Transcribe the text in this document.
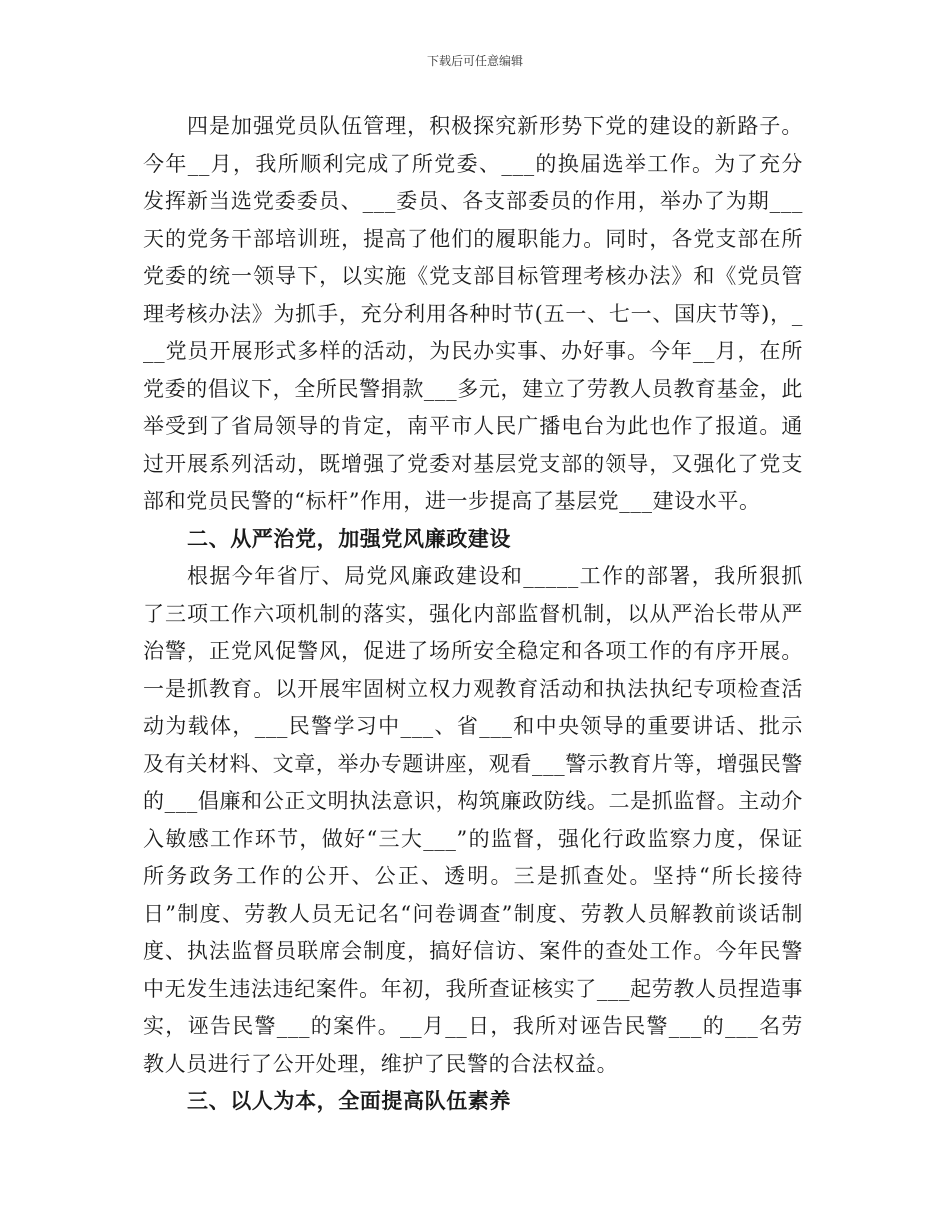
下载后可任意编辑

四是加强党员队伍管理，积极探究新形势下党的建设的新路子。今年__月，我所顺利完成了所党委、___的换届选举工作。为了充分发挥新当选党委委员、___委员、各支部委员的作用，举办了为期___天的党务干部培训班，提高了他们的履职能力。同时，各党支部在所党委的统一领导下，以实施《党支部目标管理考核办法》和《党员管理考核办法》为抓手，充分利用各种时节(五一、七一、国庆节等)，___党员开展形式多样的活动，为民办实事、办好事。今年__月，在所党委的倡议下，全所民警捐款___多元，建立了劳教人员教育基金，此举受到了省局领导的肯定，南平市人民广播电台为此也作了报道。通过开展系列活动，既增强了党委对基层党支部的领导，又强化了党支部和党员民警的“标杆”作用，进一步提高了基层党___建设水平。

二、从严治党，加强党风廉政建设

根据今年省厅、局党风廉政建设和_____工作的部署，我所狠抓了三项工作六项机制的落实，强化内部监督机制，以从严治长带从严治警，正党风促警风，促进了场所安全稳定和各项工作的有序开展。一是抓教育。以开展牢固树立权力观教育活动和执法执纪专项检查活动为载体，___民警学习中___、省___和中央领导的重要讲话、批示及有关材料、文章，举办专题讲座，观看___警示教育片等，增强民警的___倡廉和公正文明执法意识，构筑廉政防线。二是抓监督。主动介入敏感工作环节，做好“三大___”的监督，强化行政监察力度，保证所务政务工作的公开、公正、透明。三是抓查处。坚持“所长接待日”制度、劳教人员无记名“问卷调查”制度、劳教人员解教前谈话制度、执法监督员联席会制度，搞好信访、案件的查处工作。今年民警中无发生违法违纪案件。年初，我所查证核实了___起劳教人员捏造事实，诬告民警___的案件。__月__日，我所对诬告民警___的___名劳教人员进行了公开处理，维护了民警的合法权益。

三、以人为本，全面提高队伍素养
